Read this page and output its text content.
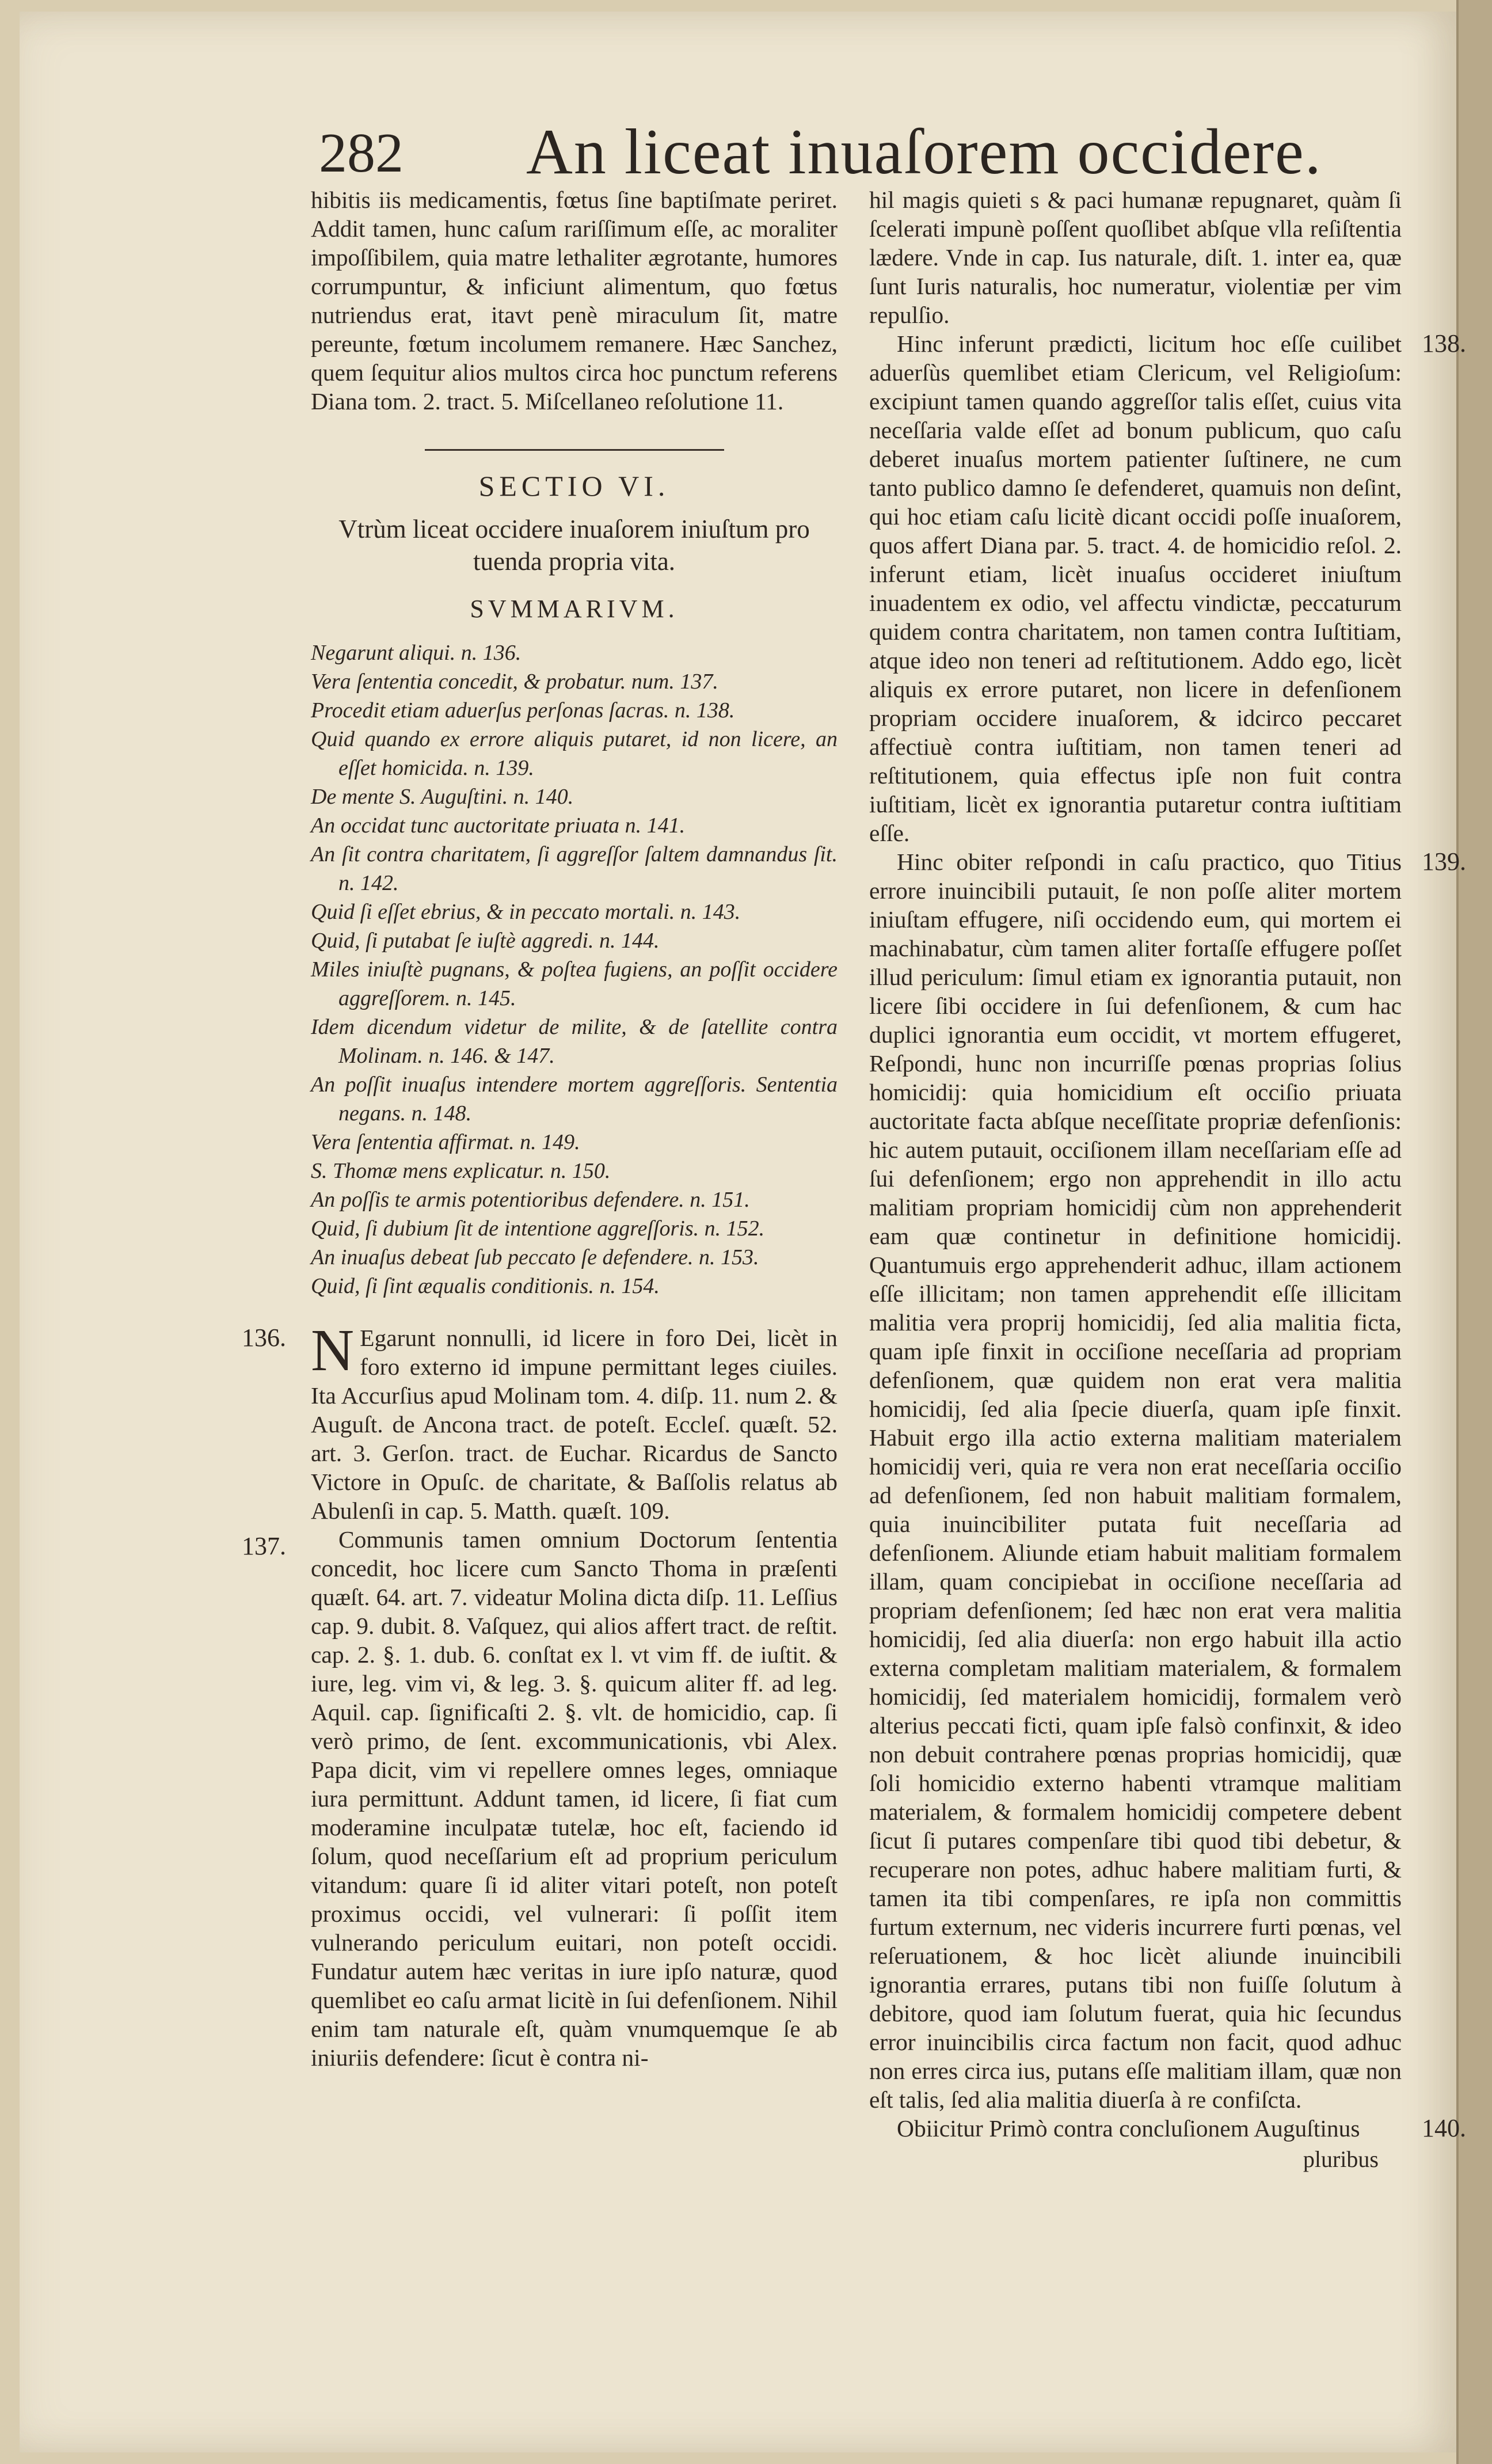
282 An liceat inuaſorem occidere.

hibitis iis medicamentis, fœtus ſine baptiſmate periret. Addit tamen, hunc caſum rariſſimum eſſe, ac moraliter impoſſibilem, quia matre lethaliter ægrotante, humores corrumpuntur, & inficiunt alimentum, quo fœtus nutriendus erat, itavt penè miraculum ſit, matre pereunte, fœtum incolumem remanere. Hæc Sanchez, quem ſequitur alios multos circa hoc punctum referens Diana tom. 2. tract. 5. Miſcellaneo reſolutione 11.

SECTIO VI.
Vtrùm liceat occidere inuaſorem iniuſtum pro tuenda propria vita.
SVMMARIVM.
Negarunt aliqui. n. 136.
Vera ſententia concedit, & probatur. num. 137.
Procedit etiam aduerſus perſonas ſacras. n. 138.
Quid quando ex errore aliquis putaret, id non licere, an eſſet homicida. n. 139.
De mente S. Auguſtini. n. 140.
An occidat tunc auctoritate priuata n. 141.
An ſit contra charitatem, ſi aggreſſor ſaltem damnandus ſit. n. 142.
Quid ſi eſſet ebrius, & in peccato mortali. n. 143.
Quid, ſi putabat ſe iuſtè aggredi. n. 144.
Miles iniuſtè pugnans, & poſtea fugiens, an poſſit occidere aggreſſorem. n. 145.
Idem dicendum videtur de milite, & de ſatellite contra Molinam. n. 146. & 147.
An poſſit inuaſus intendere mortem aggreſſoris. Sententia negans. n. 148.
Vera ſententia affirmat. n. 149.
S. Thomæ mens explicatur. n. 150.
An poſſis te armis potentioribus defendere. n. 151.
Quid, ſi dubium ſit de intentione aggreſſoris. n. 152.
An inuaſus debeat ſub peccato ſe defendere. n. 153.
Quid, ſi ſint æqualis conditionis. n. 154.
136. N Egarunt nonnulli, id licere in foro Dei, licèt in foro externo id impune permittant leges ciuiles. Ita Accurſius apud Molinam tom. 4. diſp. 11. num 2. & Auguſt. de Ancona tract. de poteſt. Eccleſ. quæſt. 52. art. 3. Gerſon. tract. de Euchar. Ricardus de Sancto Victore in Opuſc. de charitate, & Baſſolis relatus ab Abulenſi in cap. 5. Matth. quæſt. 109.

137.	Communis tamen omnium Doctorum ſententia concedit, hoc licere cum Sancto Thoma in præſenti quæſt. 64. art. 7. videatur Molina dicta diſp. 11. Leſſius cap. 9. dubit. 8. Vaſquez, qui alios affert tract. de reſtit. cap. 2. §. 1. dub. 6. conſtat ex l. vt vim ff. de iuſtit. & iure, leg. vim vi, & leg. 3. §. quicum aliter ff. ad leg. Aquil. cap. ſignificaſti 2. §. vlt. de homicidio, cap. ſi verò primo, de ſent. excommunicationis, vbi Alex. Papa dicit, vim vi repellere omnes leges, omniaque iura permittunt. Addunt tamen, id licere, ſi fiat cum moderamine inculpatæ tutelæ, hoc eſt, faciendo id ſolum, quod neceſſarium eſt ad proprium periculum vitandum: quare ſi id aliter vitari poteſt, non poteſt proximus occidi, vel vulnerari: ſi poſſit item vulnerando periculum euitari, non poteſt occidi. Fundatur autem hæc veritas in iure ipſo naturæ, quod quemlibet eo caſu armat licitè in ſui defenſionem. Nihil enim tam naturale eſt, quàm vnumquemque ſe ab iniuriis defendere: ſicut è contra ni-

hil magis quieti s & paci humanæ repugnaret, quàm ſi ſcelerati impunè poſſent quoſlibet abſque vlla reſiſtentia lædere. Vnde in cap. Ius naturale, diſt. 1. inter ea, quæ ſunt Iuris naturalis, hoc numeratur, violentiæ per vim repulſio.

138.

Hinc inferunt prædicti, licitum hoc eſſe cuilibet aduerſùs quemlibet etiam Clericum, vel Religioſum: excipiunt tamen quando aggreſſor talis eſſet, cuius vita neceſſaria valde eſſet ad bonum publicum, quo caſu deberet inuaſus mortem patienter ſuſtinere, ne cum tanto publico damno ſe defenderet, quamuis non deſint, qui hoc etiam caſu licitè dicant occidi poſſe inuaſorem, quos affert Diana par. 5. tract. 4. de homicidio reſol. 2. inferunt etiam, licèt inuaſus occideret iniuſtum inuadentem ex odio, vel affectu vindictæ, peccaturum quidem contra charitatem, non tamen contra Iuſtitiam, atque ideo non teneri ad reſtitutionem. Addo ego, licèt aliquis ex errore putaret, non licere in defenſionem propriam occidere inuaſorem, & idcirco peccaret affectiuè contra iuſtitiam, non tamen teneri ad reſtitutionem, quia effectus ipſe non fuit contra iuſtitiam, licèt ex ignorantia putaretur contra iuſtitiam eſſe.

139.

Hinc obiter reſpondi in caſu practico, quo Titius errore inuincibili putauit, ſe non poſſe aliter mortem iniuſtam effugere, niſi occidendo eum, qui mortem ei machinabatur, cùm tamen aliter fortaſſe effugere poſſet illud periculum: ſimul etiam ex ignorantia putauit, non licere ſibi occidere in ſui defenſionem, & cum hac duplici ignorantia eum occidit, vt mortem effugeret, Reſpondi, hunc non incurriſſe pœnas proprias ſolius homicidij: quia homicidium eſt occiſio priuata auctoritate facta abſque neceſſitate propriæ defenſionis: hic autem putauit, occiſionem illam neceſſariam eſſe ad ſui defenſionem; ergo non apprehendit in illo actu malitiam propriam homicidij cùm non apprehenderit eam quæ continetur in definitione homicidij. Quantumuis ergo apprehenderit adhuc, illam actionem eſſe illicitam; non tamen apprehendit eſſe illicitam malitia vera proprij homicidij, ſed alia malitia ficta, quam ipſe finxit in occiſione neceſſaria ad propriam defenſionem, quæ quidem non erat vera malitia homicidij, ſed alia ſpecie diuerſa, quam ipſe finxit. Habuit ergo illa actio externa malitiam materialem homicidij veri, quia re vera non erat neceſſaria occiſio ad defenſionem, ſed non habuit malitiam formalem, quia inuincibiliter putata fuit neceſſaria ad defenſionem. Aliunde etiam habuit malitiam formalem illam, quam concipiebat in occiſione neceſſaria ad propriam defenſionem; ſed hæc non erat vera malitia homicidij, ſed alia diuerſa: non ergo habuit illa actio externa completam malitiam materialem, & formalem homicidij, ſed materialem homicidij, formalem verò alterius peccati ficti, quam ipſe falsò confinxit, & ideo non debuit contrahere pœnas proprias homicidij, quæ ſoli homicidio externo habenti vtramque malitiam materialem, & formalem homicidij competere debent ſicut ſi putares compenſare tibi quod tibi debetur, & recuperare non potes, adhuc habere malitiam furti, & tamen ita tibi compenſares, re ipſa non committis furtum externum, nec videris incurrere furti pœnas, vel reſeruationem, & hoc licèt aliunde inuincibili ignorantia errares, putans tibi non fuiſſe ſolutum à debitore, quod iam ſolutum fuerat, quia hic ſecundus error inuincibilis circa factum non facit, quod adhuc non erres circa ius, putans eſſe malitiam illam, quæ non eſt talis, ſed alia malitia diuerſa à re confiſcta.

140.

Obiicitur Primò contra concluſionem Auguſtinus

pluribus
